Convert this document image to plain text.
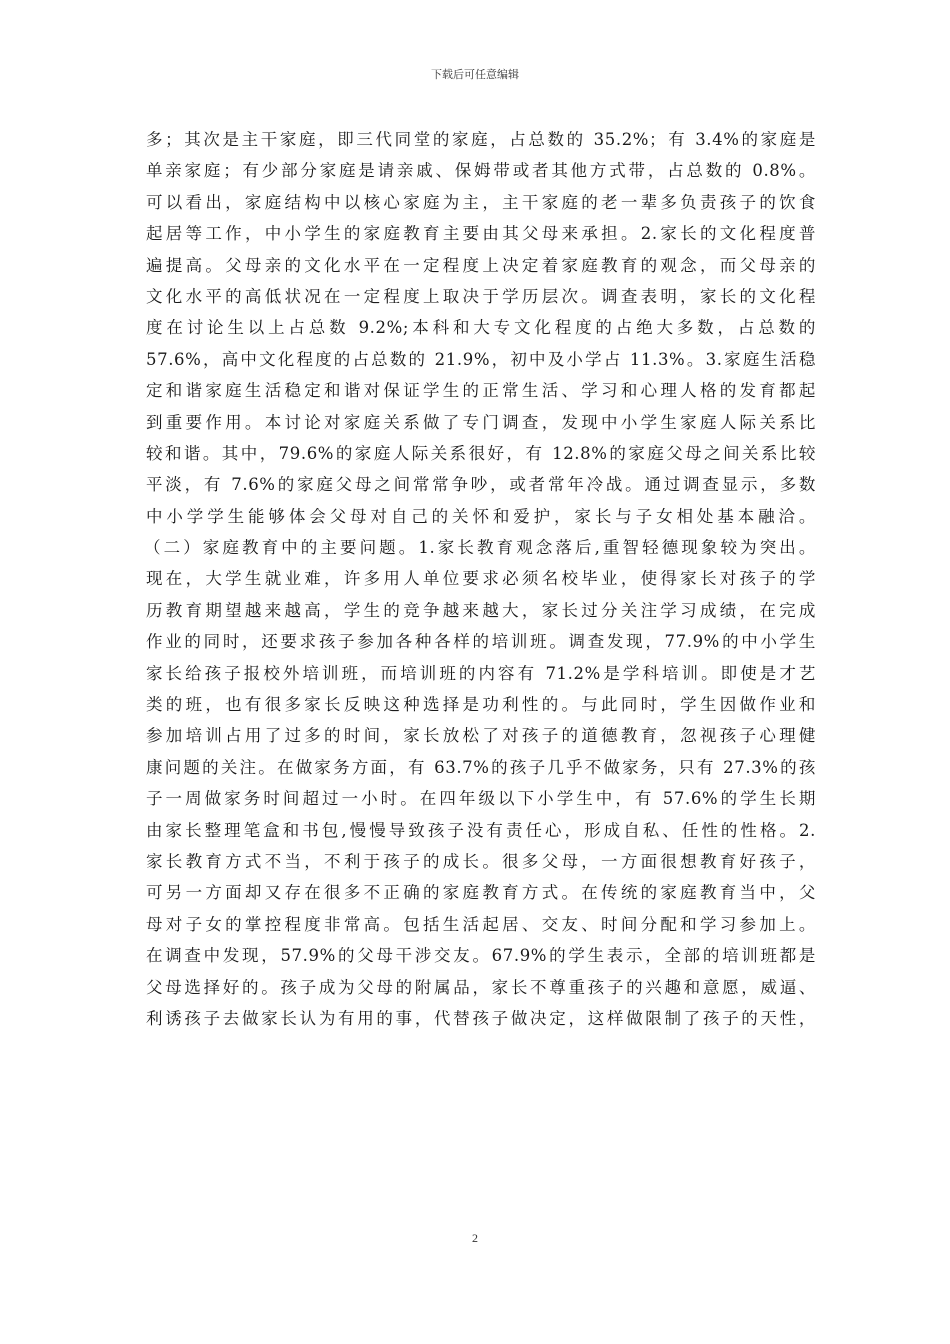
下载后可任意编辑
多；其次是主干家庭，即三代同堂的家庭，占总数的 35.2%；有 3.4%的家庭是
单亲家庭；有少部分家庭是请亲戚、保姆带或者其他方式带，占总数的 0.8%。
可以看出，家庭结构中以核心家庭为主，主干家庭的老一辈多负责孩子的饮食
起居等工作，中小学生的家庭教育主要由其父母来承担。2.家长的文化程度普
遍提高。父母亲的文化水平在一定程度上决定着家庭教育的观念，而父母亲的
文化水平的高低状况在一定程度上取决于学历层次。调查表明，家长的文化程
度在讨论生以上占总数 9.2%;本科和大专文化程度的占绝大多数，占总数的
57.6%，高中文化程度的占总数的 21.9%，初中及小学占 11.3%。3.家庭生活稳
定和谐家庭生活稳定和谐对保证学生的正常生活、学习和心理人格的发育都起
到重要作用。本讨论对家庭关系做了专门调查，发现中小学生家庭人际关系比
较和谐。其中，79.6%的家庭人际关系很好，有 12.8%的家庭父母之间关系比较
平淡，有 7.6%的家庭父母之间常常争吵，或者常年冷战。通过调查显示，多数
中小学学生能够体会父母对自己的关怀和爱护，家长与子女相处基本融洽。
（二）家庭教育中的主要问题。1.家长教育观念落后,重智轻德现象较为突出。
现在，大学生就业难，许多用人单位要求必须名校毕业，使得家长对孩子的学
历教育期望越来越高，学生的竞争越来越大，家长过分关注学习成绩，在完成
作业的同时，还要求孩子参加各种各样的培训班。调查发现，77.9%的中小学生
家长给孩子报校外培训班，而培训班的内容有 71.2%是学科培训。即使是才艺
类的班，也有很多家长反映这种选择是功利性的。与此同时，学生因做作业和
参加培训占用了过多的时间，家长放松了对孩子的道德教育，忽视孩子心理健
康问题的关注。在做家务方面，有 63.7%的孩子几乎不做家务，只有 27.3%的孩
子一周做家务时间超过一小时。在四年级以下小学生中，有 57.6%的学生长期
由家长整理笔盒和书包,慢慢导致孩子没有责任心，形成自私、任性的性格。2.
家长教育方式不当，不利于孩子的成长。很多父母，一方面很想教育好孩子，
可另一方面却又存在很多不正确的家庭教育方式。在传统的家庭教育当中，父
母对子女的掌控程度非常高。包括生活起居、交友、时间分配和学习参加上。
在调查中发现，57.9%的父母干涉交友。67.9%的学生表示，全部的培训班都是
父母选择好的。孩子成为父母的附属品，家长不尊重孩子的兴趣和意愿，威逼、
利诱孩子去做家长认为有用的事，代替孩子做决定，这样做限制了孩子的天性，
2
